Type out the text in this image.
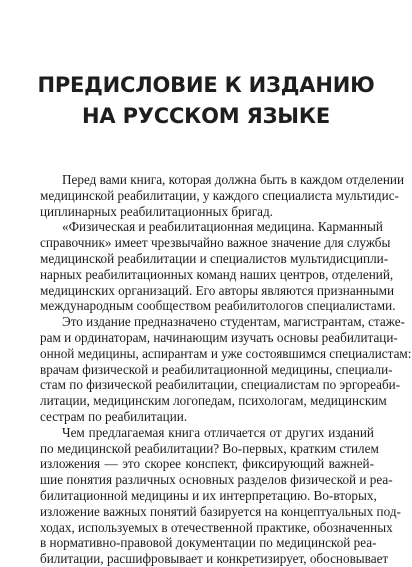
ПРЕДИСЛОВИЕ К ИЗДАНИЮ
НА РУССКОМ ЯЗЫКЕ
Перед вами книга, которая должна быть в каждом отделении
медицинской реабилитации, у каждого специалиста мультидис-
циплинарных реабилитационных бригад.
«Физическая и реабилитационная медицина. Карманный
справочник» имеет чрезвычайно важное значение для службы
медицинской реабилитации и специалистов мультидисципли-
нарных реабилитационных команд наших центров, отделений,
медицинских организаций. Его авторы являются признанными
международным сообществом реабилитологов специалистами.
Это издание предназначено студентам, магистрантам, стаже-
рам и ординаторам, начинающим изучать основы реабилитаци-
онной медицины, аспирантам и уже состоявшимся специалистам:
врачам физической и реабилитационной медицины, специали-
стам по физической реабилитации, специалистам по эргореаби-
литации, медицинским логопедам, психологам, медицинским
сестрам по реабилитации.
Чем предлагаемая книга отличается от других изданий
по медицинской реабилитации? Во-первых, кратким стилем
изложения — это скорее конспект, фиксирующий важней-
шие понятия различных основных разделов физической и реа-
билитационной медицины и их интерпретацию. Во-вторых,
изложение важных понятий базируется на концептуальных под-
ходах, используемых в отечественной практике, обозначенных
в нормативно-правовой документации по медицинской реа-
билитации, расшифровывает и конкретизирует, обосновывает
